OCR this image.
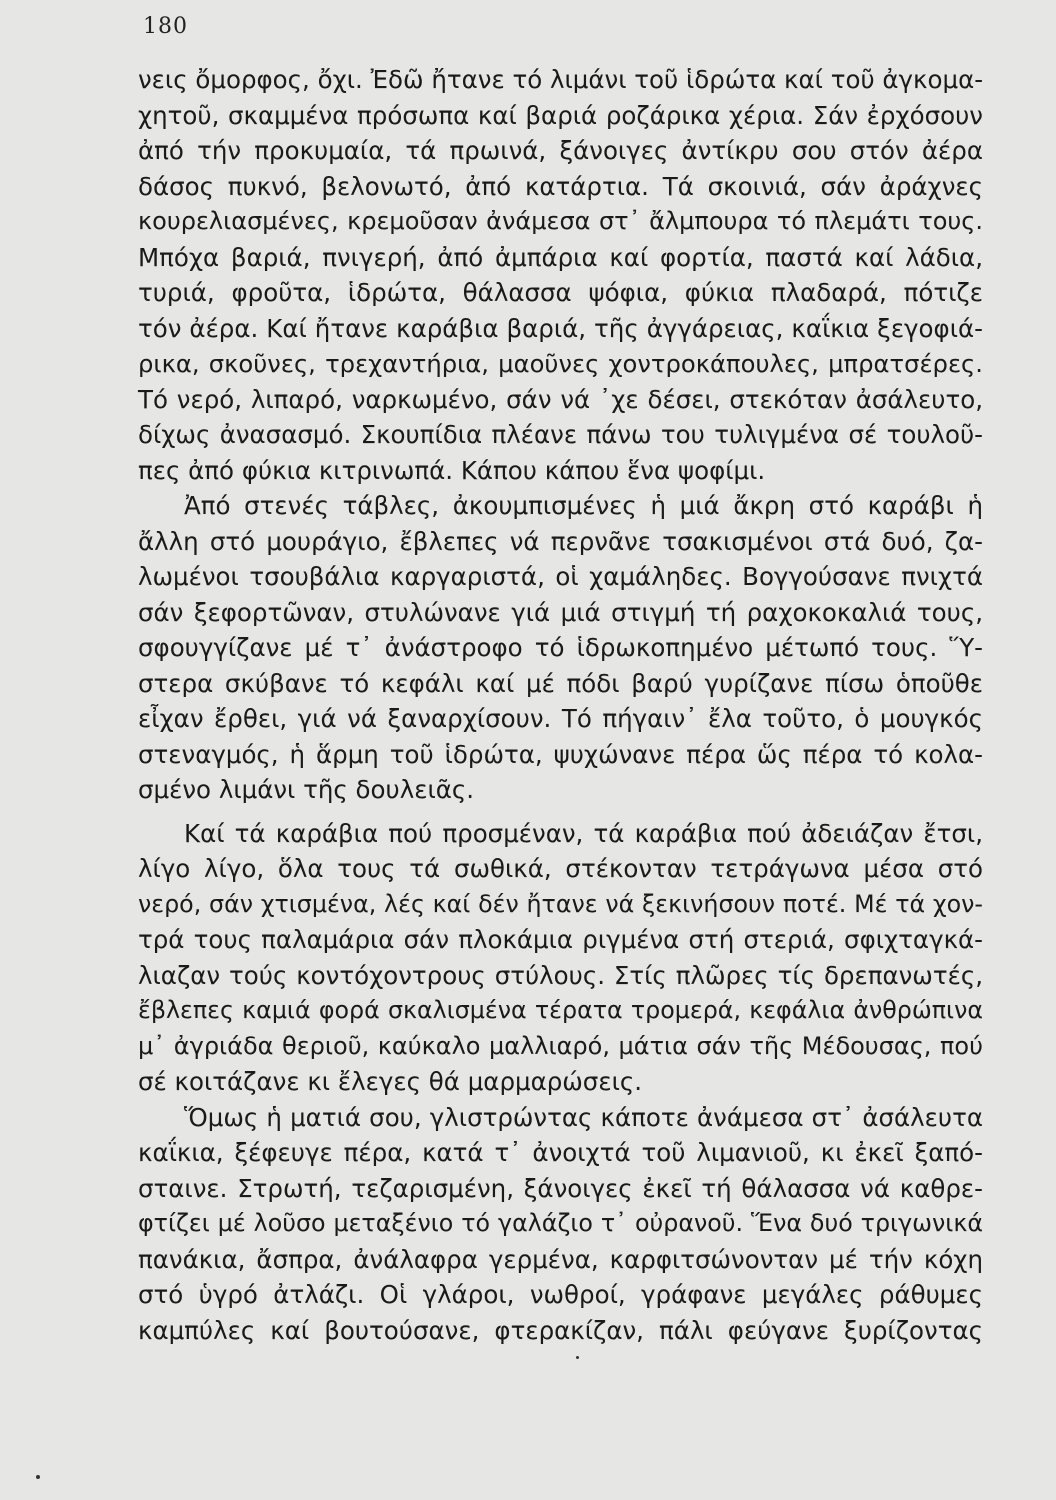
180
νεις ὄμορφος, ὄχι. Ἐδῶ ἤτανε τό λιμάνι τοῦ ἱδρώτα καί τοῦ ἀγκομα-
χητοῦ, σκαμμένα πρόσωπα καί βαριά ροζάρικα χέρια. Σάν ἐρχόσουν
ἀπό τήν προκυμαία, τά πρωινά, ξάνοιγες ἀντίκρυ σου στόν ἀέρα
δάσος πυκνό, βελονωτό, ἀπό κατάρτια. Τά σκοινιά, σάν ἀράχνες
κουρελιασμένες, κρεμοῦσαν ἀνάμεσα στ᾿ ἄλμπουρα τό πλεμάτι τους.
Μπόχα βαριά, πνιγερή, ἀπό ἀμπάρια καί φορτία, παστά καί λάδια,
τυριά, φροῦτα, ἱδρώτα, θάλασσα ψόφια, φύκια πλαδαρά, πότιζε
τόν ἀέρα. Καί ἤτανε καράβια βαριά, τῆς ἀγγάρειας, καΐκια ξεγοφιά-
ρικα, σκοῦνες, τρεχαντήρια, μαοῦνες χοντροκάπουλες, μπρατσέρες.
Τό νερό, λιπαρό, ναρκωμένο, σάν νά ᾿χε δέσει, στεκόταν ἀσάλευτο,
δίχως ἀνασασμό. Σκουπίδια πλέανε πάνω του τυλιγμένα σέ τουλοῦ-
πες ἀπό φύκια κιτρινωπά. Κάπου κάπου ἕνα ψοφίμι.
Ἀπό στενές τάβλες, ἀκουμπισμένες ἡ μιά ἄκρη στό καράβι ἡ
ἄλλη στό μουράγιο, ἔβλεπες νά περνᾶνε τσακισμένοι στά δυό, ζα-
λωμένοι τσουβάλια καργαριστά, οἱ χαμάληδες. Βογγούσανε πνιχτά
σάν ξεφορτῶναν, στυλώνανε γιά μιά στιγμή τή ραχοκοκαλιά τους,
σφουγγίζανε μέ τ᾿ ἀνάστροφο τό ἱδρωκοπημένο μέτωπό τους. Ὕ-
στερα σκύβανε τό κεφάλι καί μέ πόδι βαρύ γυρίζανε πίσω ὁποῦθε
εἶχαν ἔρθει, γιά νά ξαναρχίσουν. Τό πήγαιν᾿ ἔλα τοῦτο, ὁ μουγκός
στεναγμός, ἡ ἅρμη τοῦ ἱδρώτα, ψυχώνανε πέρα ὥς πέρα τό κολα-
σμένο λιμάνι τῆς δουλειᾶς.
Καί τά καράβια πού προσμέναν, τά καράβια πού ἀδειάζαν ἔτσι,
λίγο λίγο, ὅλα τους τά σωθικά, στέκονταν τετράγωνα μέσα στό
νερό, σάν χτισμένα, λές καί δέν ἤτανε νά ξεκινήσουν ποτέ. Μέ τά χον-
τρά τους παλαμάρια σάν πλοκάμια ριγμένα στή στεριά, σφιχταγκά-
λιαζαν τούς κοντόχοντρους στύλους. Στίς πλῶρες τίς δρεπανωτές,
ἔβλεπες καμιά φορά σκαλισμένα τέρατα τρομερά, κεφάλια ἀνθρώπινα
μ᾿ ἀγριάδα θεριοῦ, καύκαλο μαλλιαρό, μάτια σάν τῆς Μέδουσας, πού
σέ κοιτάζανε κι ἔλεγες θά μαρμαρώσεις.
Ὅμως ἡ ματιά σου, γλιστρώντας κάποτε ἀνάμεσα στ᾿ ἀσάλευτα
καΐκια, ξέφευγε πέρα, κατά τ᾿ ἀνοιχτά τοῦ λιμανιοῦ, κι ἐκεῖ ξαπό-
σταινε. Στρωτή, τεζαρισμένη, ξάνοιγες ἐκεῖ τή θάλασσα νά καθρε-
φτίζει μέ λοῦσο μεταξένιο τό γαλάζιο τ᾿ οὐρανοῦ. Ἕνα δυό τριγωνικά
πανάκια, ἄσπρα, ἀνάλαφρα γερμένα, καρφιτσώνονταν μέ τήν κόχη
στό ὑγρό ἀτλάζι. Οἱ γλάροι, νωθροί, γράφανε μεγάλες ράθυμες
καμπύλες καί βουτούσανε, φτερακίζαν, πάλι φεύγανε ξυρίζοντας
